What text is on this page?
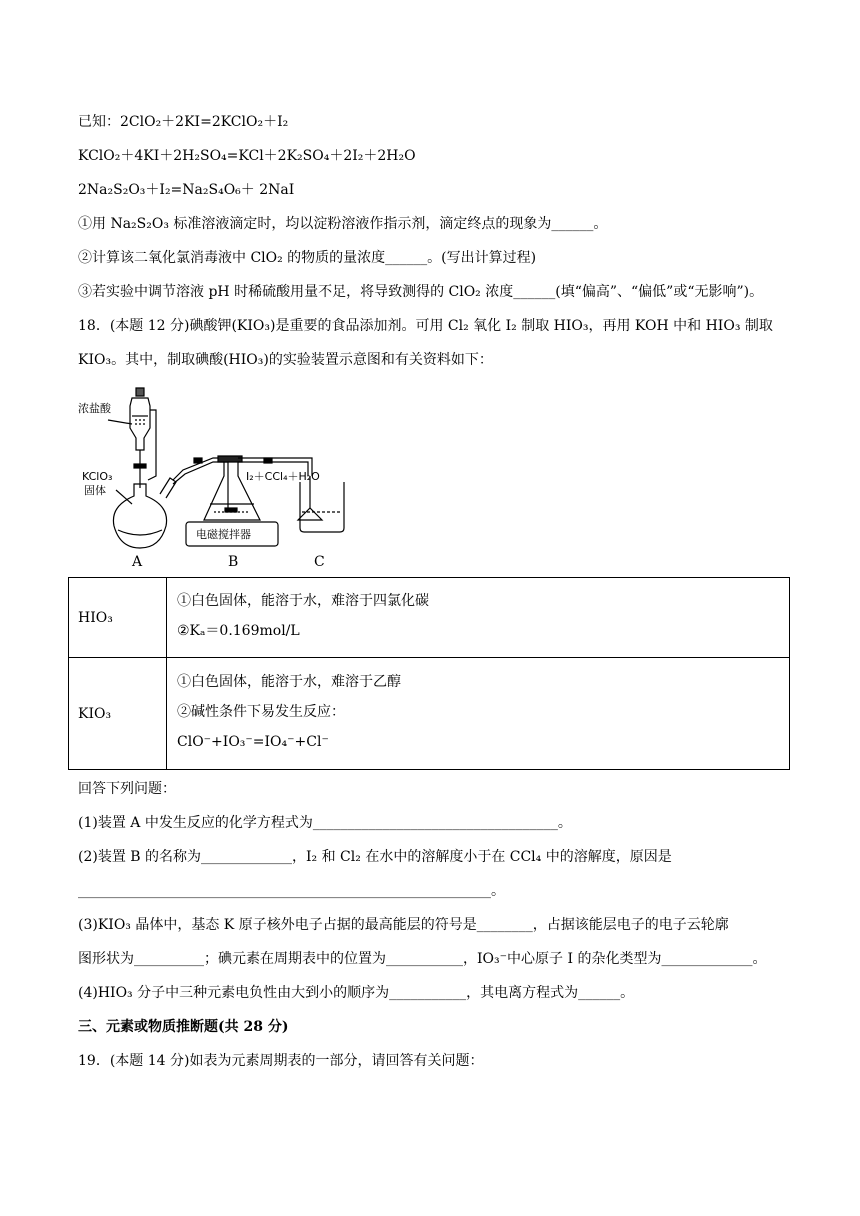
已知：2ClO₂＋2KI=2KClO₂＋I₂
KClO₂＋4KI＋2H₂SO₄=KCl＋2K₂SO₄＋2I₂＋2H₂O
2Na₂S₂O₃＋I₂=Na₂S₄O₆＋ 2NaI
①用 Na₂S₂O₃ 标准溶液滴定时，均以淀粉溶液作指示剂，滴定终点的现象为______。
②计算该二氧化氯消毒液中 ClO₂ 的物质的量浓度______。(写出计算过程)
③若实验中调节溶液 pH 时稀硫酸用量不足，将导致测得的 ClO₂ 浓度______(填“偏高”、“偏低”或“无影响”)。
18．(本题 12 分)碘酸钾(KIO₃)是重要的食品添加剂。可用 Cl₂ 氧化 I₂ 制取 HIO₃，再用 KOH 中和 HIO₃ 制取
KIO₃。其中，制取碘酸(HIO₃)的实验装置示意图和有关资料如下：
浓盐酸
KClO₃
固体
I₂＋CCl₄＋H₂O
电磁搅拌器
A	B	C
HIO₃	①白色固体，能溶于水，难溶于四氯化碳
②Kₐ＝0.169mol/L

KIO₃	①白色固体，能溶于水，难溶于乙醇
②碱性条件下易发生反应：
ClO⁻+IO₃⁻=IO₄⁻+Cl⁻
回答下列问题：
(1)装置 A 中发生反应的化学方程式为___________________________________。
(2)装置 B 的名称为_____________，I₂ 和 Cl₂ 在水中的溶解度小于在 CCl₄ 中的溶解度，原因是
___________________________________________________________。
(3)KIO₃ 晶体中，基态 K 原子核外电子占据的最高能层的符号是________，占据该能层电子的电子云轮廓
图形状为__________；碘元素在周期表中的位置为___________，IO₃⁻中心原子 I 的杂化类型为_____________。
(4)HIO₃ 分子中三种元素电负性由大到小的顺序为___________，其电离方程式为______。
三、元素或物质推断题(共 28 分)
19．(本题 14 分)如表为元素周期表的一部分，请回答有关问题：
